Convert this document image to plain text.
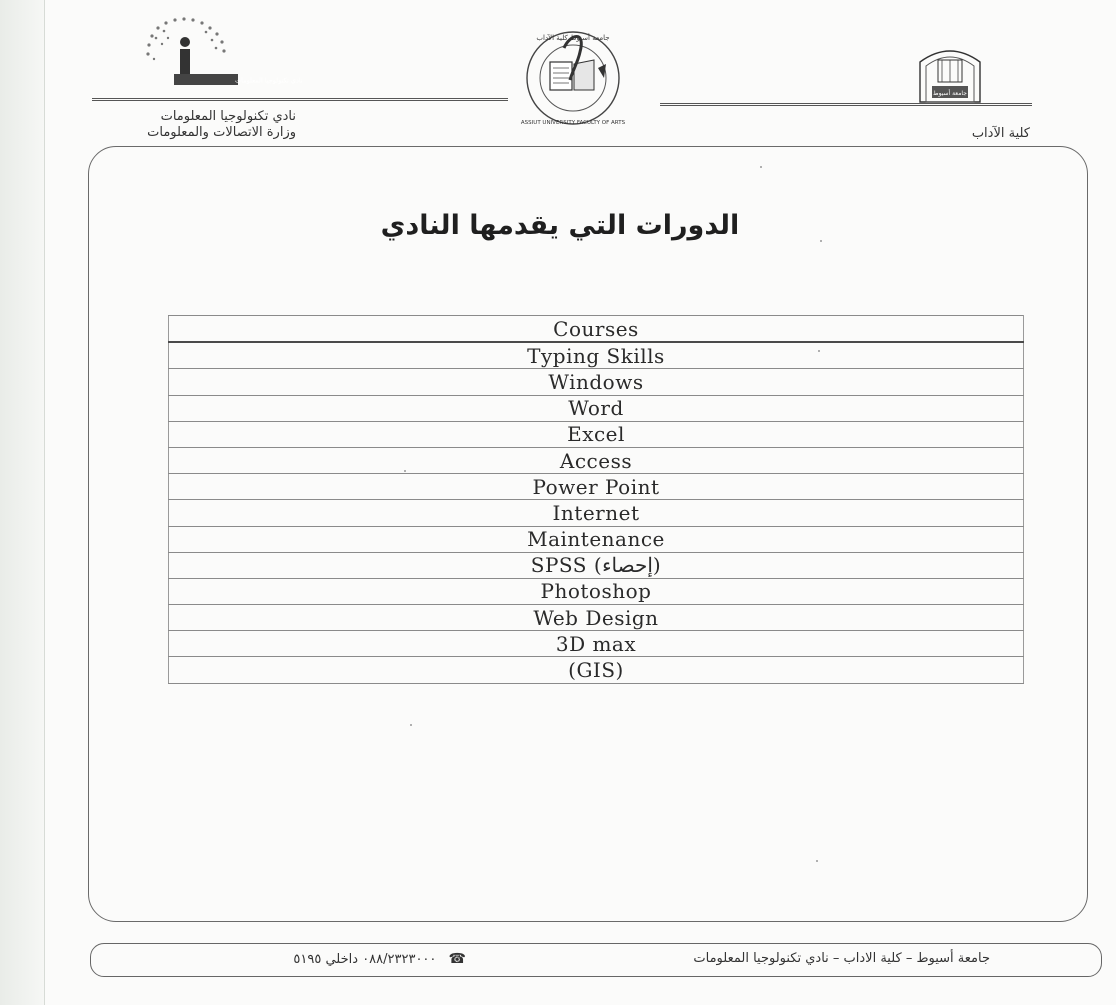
نادي تكنولوجيا المعلومات
ASSIUT UNIVERSITY FACULTY OF ARTS
جامعة أسيوط كلية الآداب
جامعة أسيوط
نادي تكنولوجيا المعلومات
وزارة الاتصالات والمعلومات	كلية الآداب
الدورات التي يقدمها النادي
Courses
Typing Skills
Windows
Word
Excel
Access
Power Point
Internet
Maintenance
SPSS (إحصاء)
Photoshop
Web Design
3D max
(GIS)
جامعة أسيوط – كلية الاداب – نادي تكنولوجيا المعلومات
☎ ٠٨٨/٢٣٢٣٠٠٠ داخلي ٥١٩٥
